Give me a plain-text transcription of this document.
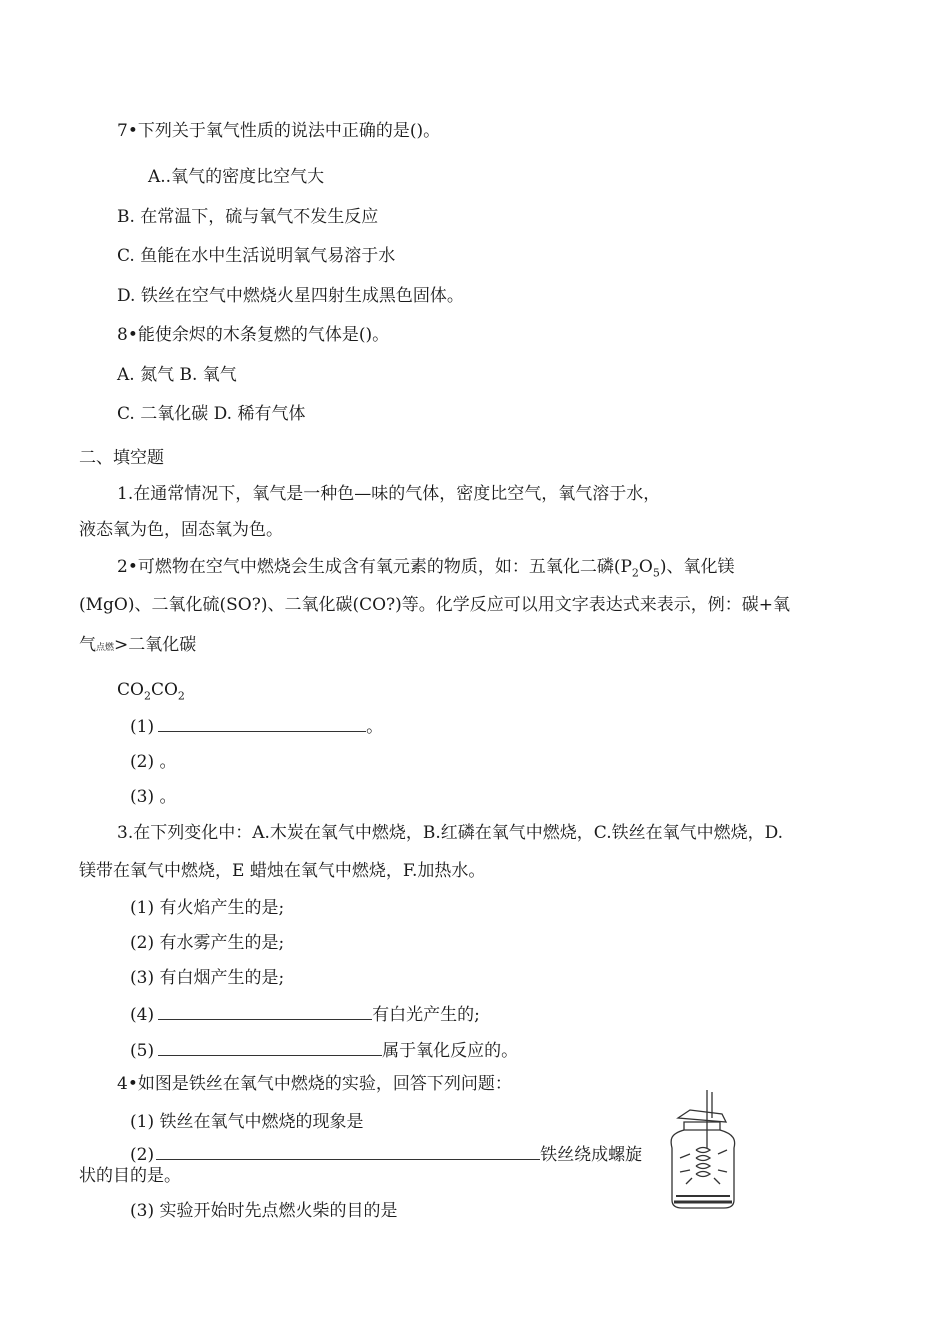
7•下列关于氧气性质的说法中正确的是()。
A..氧气的密度比空气大
B. 在常温下，硫与氧气不发生反应
C. 鱼能在水中生活说明氧气易溶于水
D. 铁丝在空气中燃烧火星四射生成黑色固体。
8•能使余烬的木条复燃的气体是()。
A. 氮气 B. 氧气
C. 二氧化碳 D. 稀有气体
二、填空题
1.在通常情况下，氧气是一种色—味的气体，密度比空气，氧气溶于水，
液态氧为色，固态氧为色。
2•可燃物在空气中燃烧会生成含有氧元素的物质，如：五氧化二磷$(P_2O_5)$、氧化镁
(MgO)、二氧化硫(SO?)、二氧化碳(CO?)等。化学反应可以用文字表达式来表示，例：碳+氧
气点燃>二氧化碳
$CO_2CO_2$
(1)	。
(2) 。
(3) 。
3.在下列变化中：A.木炭在氧气中燃烧，B.红磷在氧气中燃烧，C.铁丝在氧气中燃烧，D.
镁带在氧气中燃烧，E 蜡烛在氧气中燃烧，F.加热水。
(1) 有火焰产生的是;
(2) 有水雾产生的是;
(3) 有白烟产生的是;
(4)	有白光产生的;
(5)	属于氧化反应的。
4•如图是铁丝在氧气中燃烧的实验，回答下列问题：
(1) 铁丝在氧气中燃烧的现象是
(2)	铁丝绕成螺旋
状的目的是。
(3) 实验开始时先点燃火柴的目的是
